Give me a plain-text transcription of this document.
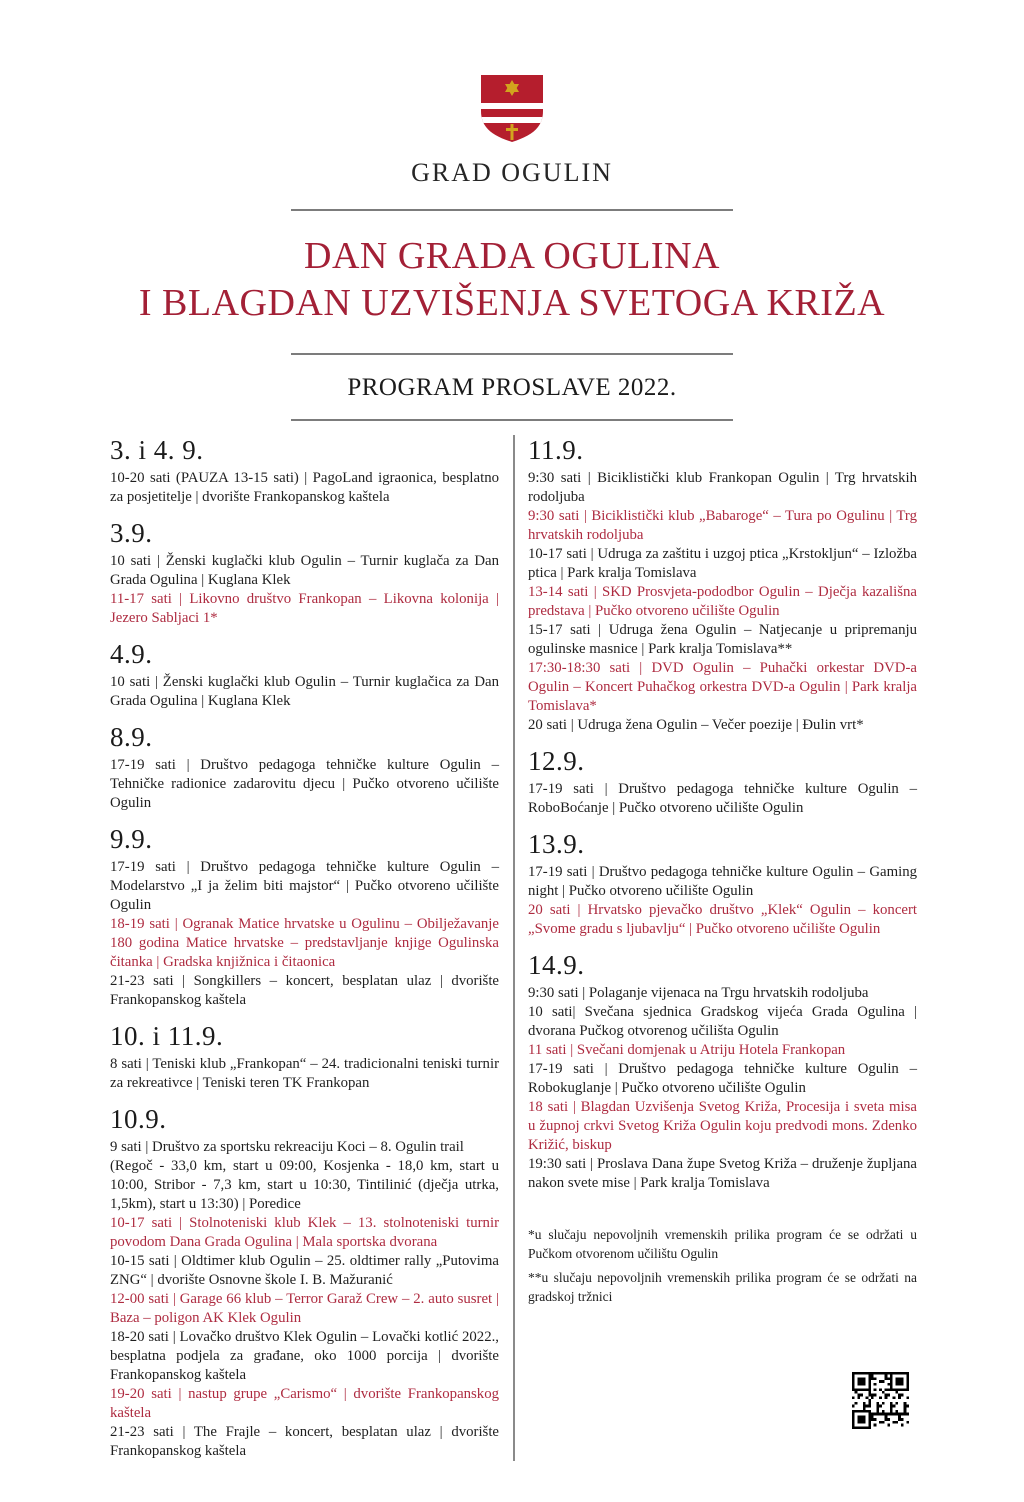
GRAD OGULIN
DAN GRADA OGULINA
I BLAGDAN UZVIŠENJA SVETOGA KRIŽA
PROGRAM PROSLAVE 2022.
3. i 4. 9.

10-20 sati (PAUZA 13-15 sati) | PagoLand igraonica, besplatno za posjetitelje | dvorište Frankopanskog kaštela

3.9.

10 sati | Ženski kuglački klub Ogulin – Turnir kuglača za Dan Grada Ogulina | Kuglana Klek

11-17 sati | Likovno društvo Frankopan – Likovna kolonija | Jezero Sabljaci 1*

4.9.

10 sati | Ženski kuglački klub Ogulin – Turnir kuglačica za Dan Grada Ogulina | Kuglana Klek

8.9.

17-19 sati | Društvo pedagoga tehničke kulture Ogulin – Tehničke radionice zadarovitu djecu | Pučko otvoreno učilište Ogulin

9.9.

17-19 sati | Društvo pedagoga tehničke kulture Ogulin – Modelarstvo „I ja želim biti majstor“ | Pučko otvoreno učilište Ogulin

18-19 sati | Ogranak Matice hrvatske u Ogulinu – Obilježavanje 180 godina Matice hrvatske – predstavljanje knjige Ogulinska čitanka | Gradska knjižnica i čitaonica

21-23 sati | Songkillers – koncert, besplatan ulaz | dvorište Frankopanskog kaštela

10. i 11.9.

8 sati | Teniski klub „Frankopan“ – 24. tradicionalni teniski turnir za rekreativce | Teniski teren TK Frankopan

10.9.

9 sati | Društvo za sportsku rekreaciju Koci – 8. Ogulin trail

(Regoč - 33,0 km, start u 09:00, Kosjenka - 18,0 km, start u 10:00, Stribor - 7,3 km, start u 10:30, Tintilinić (dječja utrka, 1,5km), start u 13:30) | Poredice

10-17 sati | Stolnoteniski klub Klek – 13. stolnoteniski turnir povodom Dana Grada Ogulina | Mala sportska dvorana

10-15 sati | Oldtimer klub Ogulin – 25. oldtimer rally „Putovima ZNG“ | dvorište Osnovne škole I. B. Mažuranić

12-00 sati | Garage 66 klub – Terror Garaž Crew – 2. auto susret | Baza – poligon AK Klek Ogulin

18-20 sati | Lovačko društvo Klek Ogulin – Lovački kotlić 2022., besplatna podjela za građane, oko 1000 porcija | dvorište Frankopanskog kaštela

19-20 sati | nastup grupe „Carismo“ | dvorište Frankopanskog kaštela

21-23 sati | The Frajle – koncert, besplatan ulaz | dvorište Frankopanskog kaštela

11.9.

9:30 sati | Biciklistički klub Frankopan Ogulin | Trg hrvatskih rodoljuba

9:30 sati | Biciklistički klub „Babaroge“ – Tura po Ogulinu | Trg hrvatskih rodoljuba

10-17 sati | Udruga za zaštitu i uzgoj ptica „Krstokljun“ – Izložba ptica | Park kralja Tomislava

13-14 sati | SKD Prosvjeta-pododbor Ogulin – Dječja kazališna predstava | Pučko otvoreno učilište Ogulin

15-17 sati | Udruga žena Ogulin – Natjecanje u pripremanju ogulinske masnice | Park kralja Tomislava**

17:30-18:30 sati | DVD Ogulin – Puhački orkestar DVD-a Ogulin – Koncert Puhačkog orkestra DVD-a Ogulin | Park kralja Tomislava*

20 sati | Udruga žena Ogulin – Večer poezije | Đulin vrt*

12.9.

17-19 sati | Društvo pedagoga tehničke kulture Ogulin – RoboBoćanje | Pučko otvoreno učilište Ogulin

13.9.

17-19 sati | Društvo pedagoga tehničke kulture Ogulin – Gaming night | Pučko otvoreno učilište Ogulin

20 sati | Hrvatsko pjevačko društvo „Klek“ Ogulin – koncert „Svome gradu s ljubavlju“ | Pučko otvoreno učilište Ogulin

14.9.

9:30 sati | Polaganje vijenaca na Trgu hrvatskih rodoljuba

10 sati| Svečana sjednica Gradskog vijeća Grada Ogulina | dvorana Pučkog otvorenog učilišta Ogulin

11 sati | Svečani domjenak u Atriju Hotela Frankopan

17-19 sati | Društvo pedagoga tehničke kulture Ogulin – Robokuglanje | Pučko otvoreno učilište Ogulin

18 sati | Blagdan Uzvišenja Svetog Križa, Procesija i sveta misa u župnoj crkvi Svetog Križa Ogulin koju predvodi mons. Zdenko Križić, biskup

19:30 sati | Proslava Dana župe Svetog Križa – druženje župljana nakon svete mise | Park kralja Tomislava

*u slučaju nepovoljnih vremenskih prilika program će se održati u Pučkom otvorenom učilištu Ogulin

**u slučaju nepovoljnih vremenskih prilika program će se održati na gradskoj tržnici
